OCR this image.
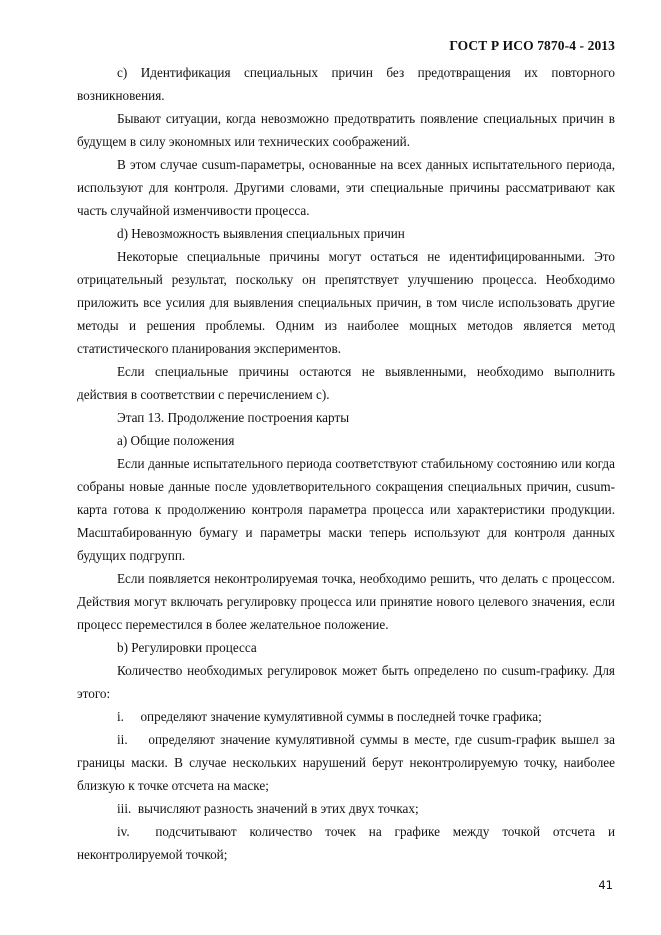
ГОСТ Р ИСО 7870-4 - 2013

c) Идентификация специальных причин без предотвращения их повторного возникновения.

Бывают ситуации, когда невозможно предотвратить появление специальных причин в будущем в силу экономных или технических соображений.

В этом случае cusum-параметры, основанные на всех данных испытательного периода, используют для контроля. Другими словами, эти специальные причины рассматривают как часть случайной изменчивости процесса.

d) Невозможность выявления специальных причин

Некоторые специальные причины могут остаться не идентифицированными. Это отрицательный результат, поскольку он препятствует улучшению процесса. Необходимо приложить все усилия для выявления специальных причин, в том числе использовать другие методы и решения проблемы. Одним из наиболее мощных методов является метод статистического планирования экспериментов.

Если специальные причины остаются не выявленными, необходимо выполнить действия в соответствии с перечислением с).

Этап 13. Продолжение построения карты

а) Общие положения

Если данные испытательного периода соответствуют стабильному состоянию или когда собраны новые данные после удовлетворительного сокращения специальных причин, cusum-карта готова к продолжению контроля параметра процесса или характеристики продукции. Масштабированную бумагу и параметры маски теперь используют для контроля данных будущих подгрупп.

Если появляется неконтролируемая точка, необходимо решить, что делать с процессом. Действия могут включать регулировку процесса или принятие нового целевого значения, если процесс переместился в более желательное положение.

b) Регулировки процесса

Количество необходимых регулировок может быть определено по cusum-графику. Для этого:

i. определяют значение кумулятивной суммы в последней точке графика;

ii. определяют значение кумулятивной суммы в месте, где cusum-график вышел за границы маски. В случае нескольких нарушений берут неконтролируемую точку, наиболее близкую к точке отсчета на маске;

iii. вычисляют разность значений в этих двух точках;

iv. подсчитывают количество точек на графике между точкой отсчета и неконтролируемой точкой;

41
